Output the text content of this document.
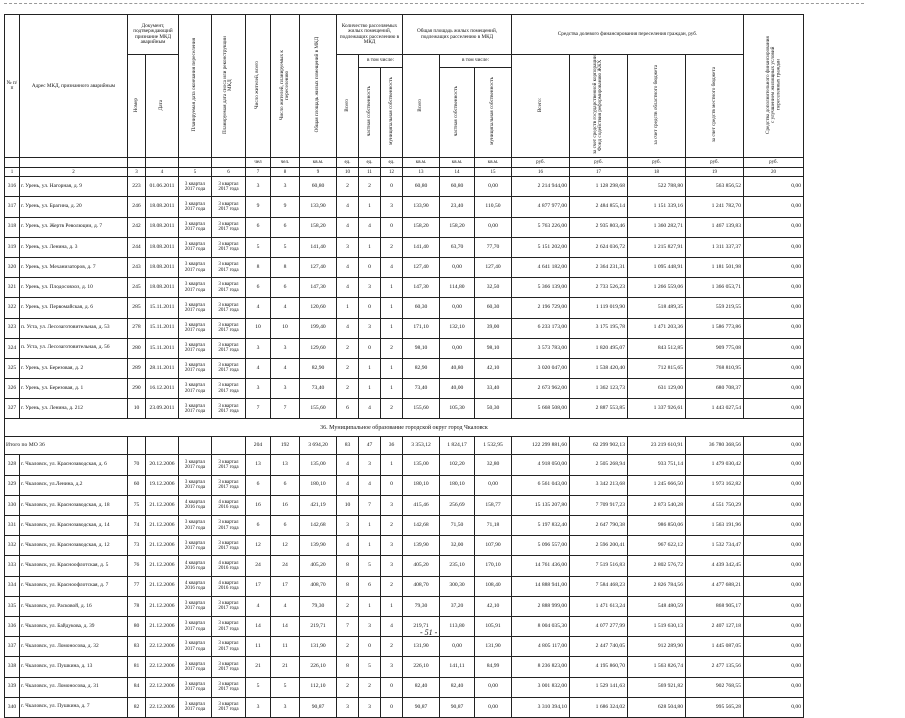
№ п/п	Адрес МКД, признанного аварийным	Документ, подтверждающий признание МКД аварийным		Планируемая дата окончания переселения	Планируемая дата сноса или реконструкции МКД	Число жителей, всего	Число жителей, планируемых к переселению	Общая площадь жилых помещений в МКД	Количество расселяемых жилых помещений, подлежащих расселению в МКД			Общая площадь жилых помещений, подлежащих расселению в МКД			Средства долевого финансирования переселения граждан, руб.				Средства дополнительного финансирования с улучшением жилищных условий переселенных граждан
		Номер	Дата						Всего	в том числе:		Всего	в том числе:		Всего:	за счет средств государственной корпорации Фонд содействия реформированию ЖКХ	за счет средств областного бюджета	за счет средств местного бюджета	
										частная собственность	муниципальная собственность		частная собственность	муниципальная собственность					
						чел	чел.	кв.м.	ед.	ед.	ед.	кв.м.	кв.м.	кв.м.	руб.	руб.	руб.	руб.	руб.
1	2	3	4	5	6	7	8	9	10	11	12	13	14	15	16	17	18	19	20
316	г. Урень, ул. Нагорная, д. 9	223	01.06.2011	3 квартал 2017 года	3 квартал 2017 года	3	3	60,80	2	2	0	60,80	60,80	0,00	2 214 944,00	1 128 298,68	522 788,80	563 856,52	0,00
317	г. Урень, ул. Брагина, д. 20	246	18.08.2011	3 квартал 2017 года	3 квартал 2017 года	9	9	133,90	4	1	3	133,90	23,40	110,50	4 877 977,00	2 484 855,14	1 151 339,16	1 241 782,70	0,00
318	г. Урень, ул. Жертв Революции, д. 7	242	18.08.2011	3 квартал 2017 года	3 квартал 2017 года	6	6	158,20	4	4	0	158,20	158,20	0,00	5 763 226,00	2 935 803,46	1 360 282,71	1 467 139,83	0,00
319	г. Урень, ул. Ленина, д. 3	244	18.08.2011	3 квартал 2017 года	3 квартал 2017 года	5	5	141,40	3	1	2	141,40	63,70	77,70	5 151 202,00	2 624 036,72	1 215 827,91	1 311 337,37	0,00
320	г. Урень, ул. Механизаторов, д. 7	243	18.08.2011	3 квартал 2017 года	3 квартал 2017 года	8	8	127,40	4	0	4	127,40	0,00	127,40	4 641 182,00	2 364 231,31	1 095 448,91	1 181 501,98	0,00
321	г. Урень, ул. Плодосовхоз, д. 10	245	18.08.2011	3 квартал 2017 года	3 квартал 2017 года	6	6	147,30	4	3	1	147,30	114,80	32,50	5 366 139,00	2 733 526,23	1 266 559,06	1 366 053,71	0,00
322	г. Урень, ул. Первомайская, д. 6	285	15.11.2011	3 квартал 2017 года	3 квартал 2017 года	4	4	120,60	1	0	1	60,30	0,00	60,30	2 196 729,00	1 119 019,90	518 489,35	559 219,55	0,00
323	п. Уста, ул. Лесозаготовительная, д. 53	278	15.11.2011	3 квартал 2017 года	3 квартал 2017 года	10	10	199,40	4	3	1	171,10	132,10	39,00	6 233 173,00	3 175 195,78	1 471 203,36	1 586 773,86	0,00
324	п. Уста, ул. Лесозаготовительная, д. 56	280	15.11.2011	3 квартал 2017 года	3 квартал 2017 года	3	3	129,60	2	0	2	98,10	0,00	98,10	3 573 783,00	1 820 495,07	843 512,85	909 775,08	0,00
325	г. Урень, ул. Березовая, д. 2	289	28.11.2011	3 квартал 2017 года	3 квартал 2017 года	4	4	82,90	2	1	1	82,90	40,80	42,10	3 020 047,00	1 538 420,40	712 815,65	768 810,95	0,00
326	г. Урень, ул. Березовая, д. 1	290	16.12.2011	3 квартал 2017 года	3 квартал 2017 года	3	3	73,40	2	1	1	73,40	40,00	33,40	2 673 962,00	1 362 123,73	631 129,00	680 708,37	0,00
327	г. Урень, ул. Ленина, д. 212	10	23.09.2011	3 квартал 2017 года	3 квартал 2017 года	7	7	155,60	6	4	2	155,60	105,30	50,30	5 668 508,00	2 887 553,85	1 337 926,61	1 443 027,54	0,00
36. Муниципальное образование городской округ город Чкаловск																			
Итого по МО 36						204	192	3 694,20	83	47	36	3 353,12	1 824,17	1 532,95	122 299 881,60	62 299 902,13	23 219 610,91	36 780 368,56	0,00
328	г. Чкаловск, ул. Краснозаводская, д. 6	70	20.12.2006	3 квартал 2017 года	3 квартал 2017 года	13	13	135,00	4	3	1	135,00	102,20	32,80	4 918 050,00	2 505 268,94	933 751,14	1 479 030,42	0,00
329	г. Чкаловск, ул.Ленина, д.2	60	19.12.2006	3 квартал 2017 года	3 квартал 2017 года	6	6	180,10	4	4	0	180,10	180,10	0,00	6 561 043,00	3 342 213,68	1 245 666,50	1 973 162,82	0,00
330	г. Чкаловск, ул. Краснозаводская, д. 18	75	21.12.2006	4 квартал 2016 года	4 квартал 2016 года	16	16	421,19	10	7	3	415,46	256,69	158,77	15 135 207,80	7 709 917,23	2 873 540,28	4 551 750,29	0,00
331	г. Чкаловск, ул. Краснозаводская, д. 14	74	21.12.2006	3 квартал 2017 года	3 квартал 2017 года	6	6	142,68	3	1	2	142,68	71,50	71,18	5 197 832,40	2 647 790,38	986 850,06	1 563 191,96	0,00
332	г. Чкаловск, ул. Краснозаводская, д. 12	73	21.12.2006	3 квартал 2017 года	3 квартал 2017 года	12	12	139,90	4	1	3	139,90	32,00	107,90	5 096 557,00	2 596 200,41	967 622,12	1 532 734,47	0,00
333	г. Чкаловск, ул. Красноофлотская, д. 5	76	21.12.2006	4 квартал 2016 года	4 квартал 2016 года	24	24	405,20	8	5	3	405,20	235,10	170,10	14 761 436,00	7 519 516,83	2 802 576,72	4 439 342,45	0,00
334	г. Чкаловск, ул. Красноофлотская, д. 7	77	21.12.2006	4 квартал 2016 года	4 квартал 2016 года	17	17	408,70	8	6	2	408,70	300,30	108,40	14 888 941,00	7 584 468,23	2 826 784,56	4 477 688,21	0,00
335	г. Чкаловск, ул. Расковой, д. 16	78	21.12.2006	3 квартал 2017 года	3 квартал 2017 года	4	4	79,30	2	1	1	79,30	37,20	42,10	2 888 999,00	1 471 613,24	548 480,59	868 905,17	0,00
336	г. Чкаловск, ул. Байдукова, д. 39	80	21.12.2006	3 квартал 2017 года	3 квартал 2017 года	14	14	219,71	7	3	4	219,71	113,80	105,91	8 004 035,30	4 077 277,99	1 519 630,13	2 407 127,18	0,00
337	г. Чкаловск, ул. Ломоносова, д. 32	83	22.12.2006	3 квартал 2017 года	3 квартал 2017 года	11	11	131,90	2	0	2	131,90	0,00	131,90	4 805 117,00	2 447 740,05	912 289,90	1 445 087,05	0,00
338	г. Чкаловск, ул. Пушкина, д. 13	81	22.12.2006	3 квартал 2017 года	3 квартал 2017 года	21	21	226,10	8	5	3	226,10	141,11	84,99	8 236 823,00	4 195 860,70	1 563 826,74	2 477 135,56	0,00
339	г. Чкаловск, ул. Ломоносова, д. 31	84	22.12.2006	3 квартал 2017 года	3 квартал 2017 года	5	5	112,10	2	2	0	82,40	82,40	0,00	3 001 832,00	1 529 141,63	569 921,82	902 768,55	0,00
340	г. Чкаловск, ул. Пушкина, д. 7	82	22.12.2006	3 квартал 2017 года	3 квартал 2017 года	3	3	90,87	3	3	0	90,87	90,87	0,00	3 310 394,10	1 686 324,02	628 504,80	995 565,28	0,00
- 51 -
